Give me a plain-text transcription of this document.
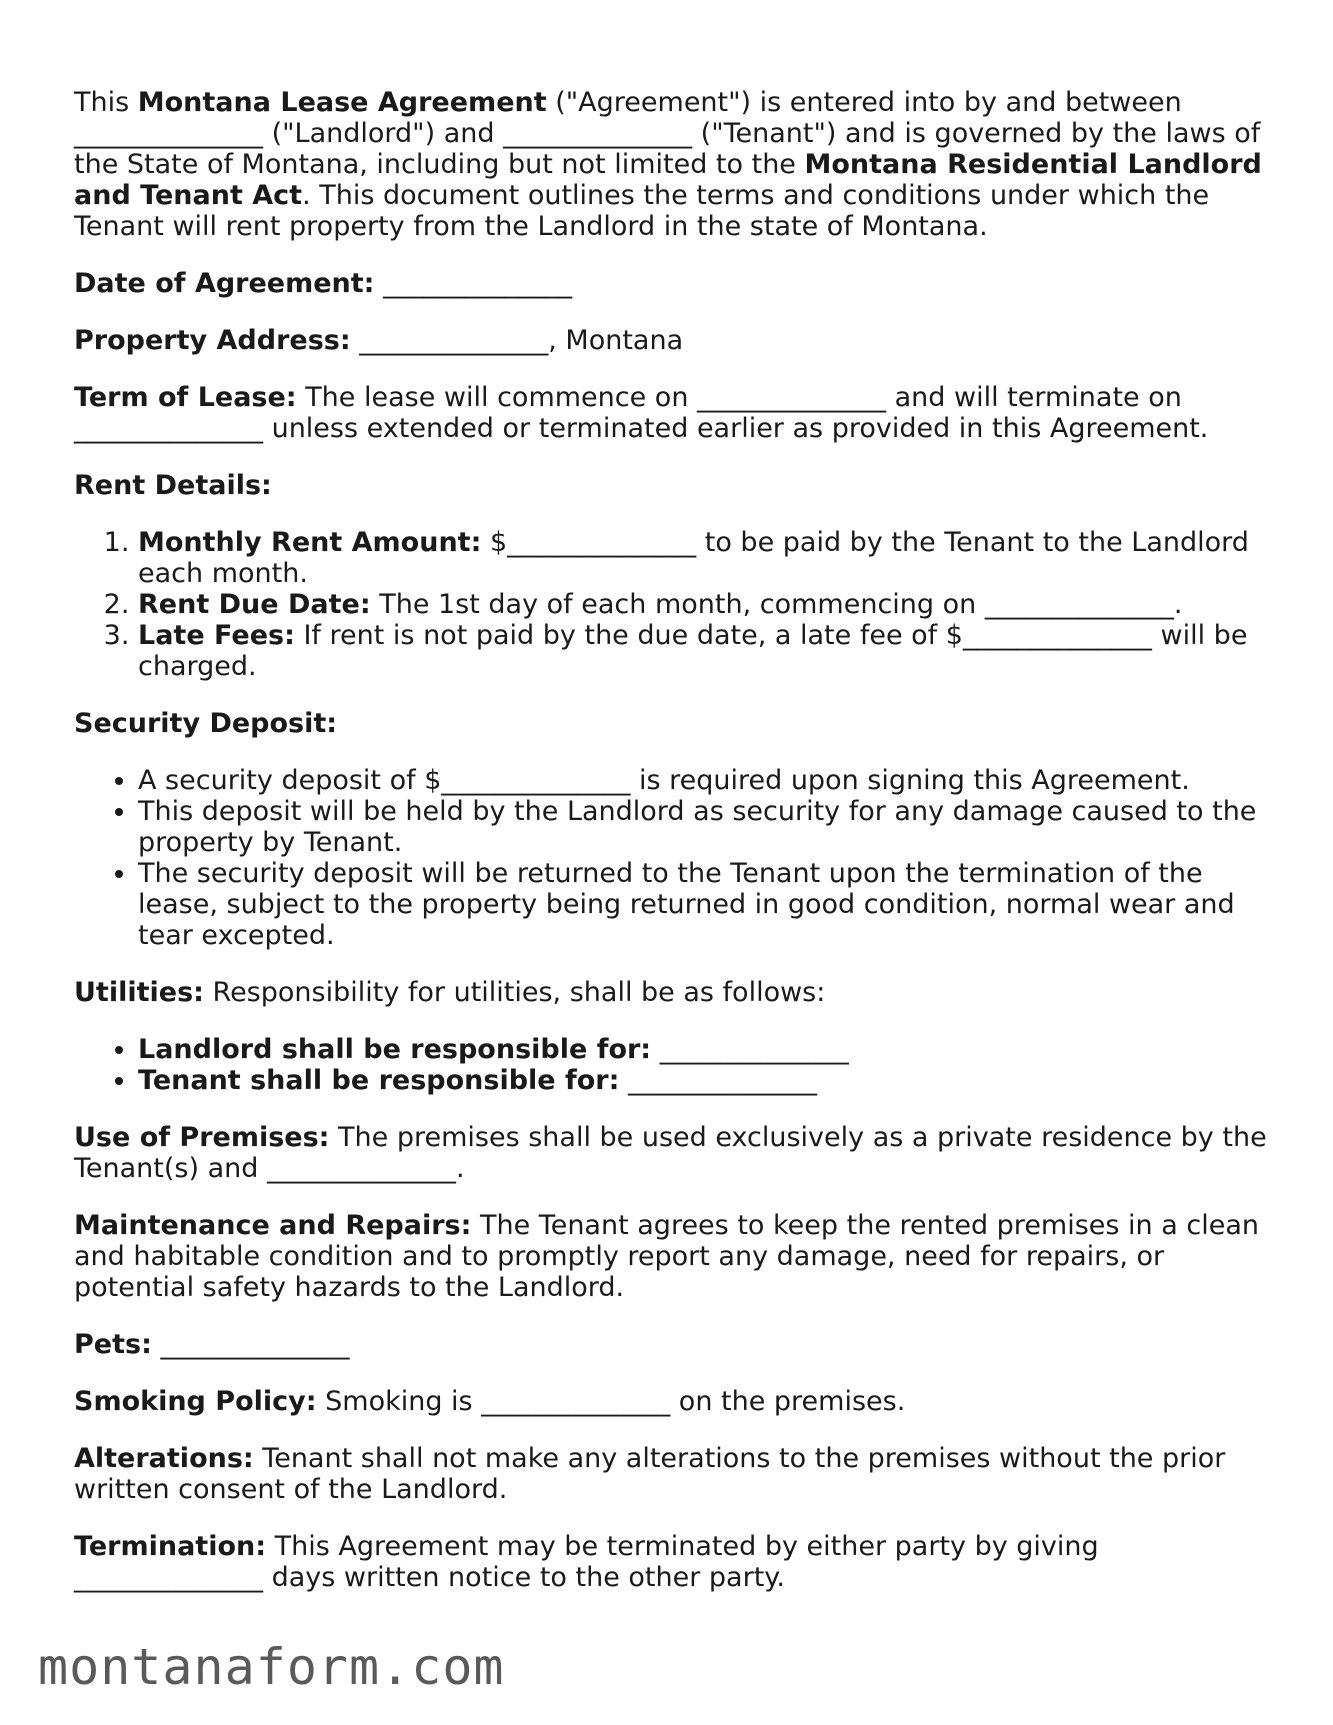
This Montana Lease Agreement ("Agreement") is entered into by and between
______________ ("Landlord") and ______________ ("Tenant") and is governed by the laws of the State of Montana, including but not limited to the Montana Residential Landlord and Tenant Act. This document outlines the terms and conditions under which the Tenant will rent property from the Landlord in the state of Montana.

Date of Agreement: ______________

Property Address: ______________, Montana

Term of Lease: The lease will commence on ______________ and will terminate on
______________ unless extended or terminated earlier as provided in this Agreement.

Rent Details:

1. Monthly Rent Amount: $______________ to be paid by the Tenant to the Landlord each month.
2. Rent Due Date: The 1st day of each month, commencing on ______________.
3. Late Fees: If rent is not paid by the due date, a late fee of $______________ will be charged.

Security Deposit:

• A security deposit of $______________ is required upon signing this Agreement.
• This deposit will be held by the Landlord as security for any damage caused to the property by Tenant.
• The security deposit will be returned to the Tenant upon the termination of the lease, subject to the property being returned in good condition, normal wear and tear excepted.

Utilities: Responsibility for utilities, shall be as follows:

• Landlord shall be responsible for: ______________
• Tenant shall be responsible for: ______________

Use of Premises: The premises shall be used exclusively as a private residence by the Tenant(s) and ______________.

Maintenance and Repairs: The Tenant agrees to keep the rented premises in a clean and habitable condition and to promptly report any damage, need for repairs, or potential safety hazards to the Landlord.

Pets: ______________

Smoking Policy: Smoking is ______________ on the premises.

Alterations: Tenant shall not make any alterations to the premises without the prior written consent of the Landlord.

Termination: This Agreement may be terminated by either party by giving
______________ days written notice to the other party.

montanaform.com
